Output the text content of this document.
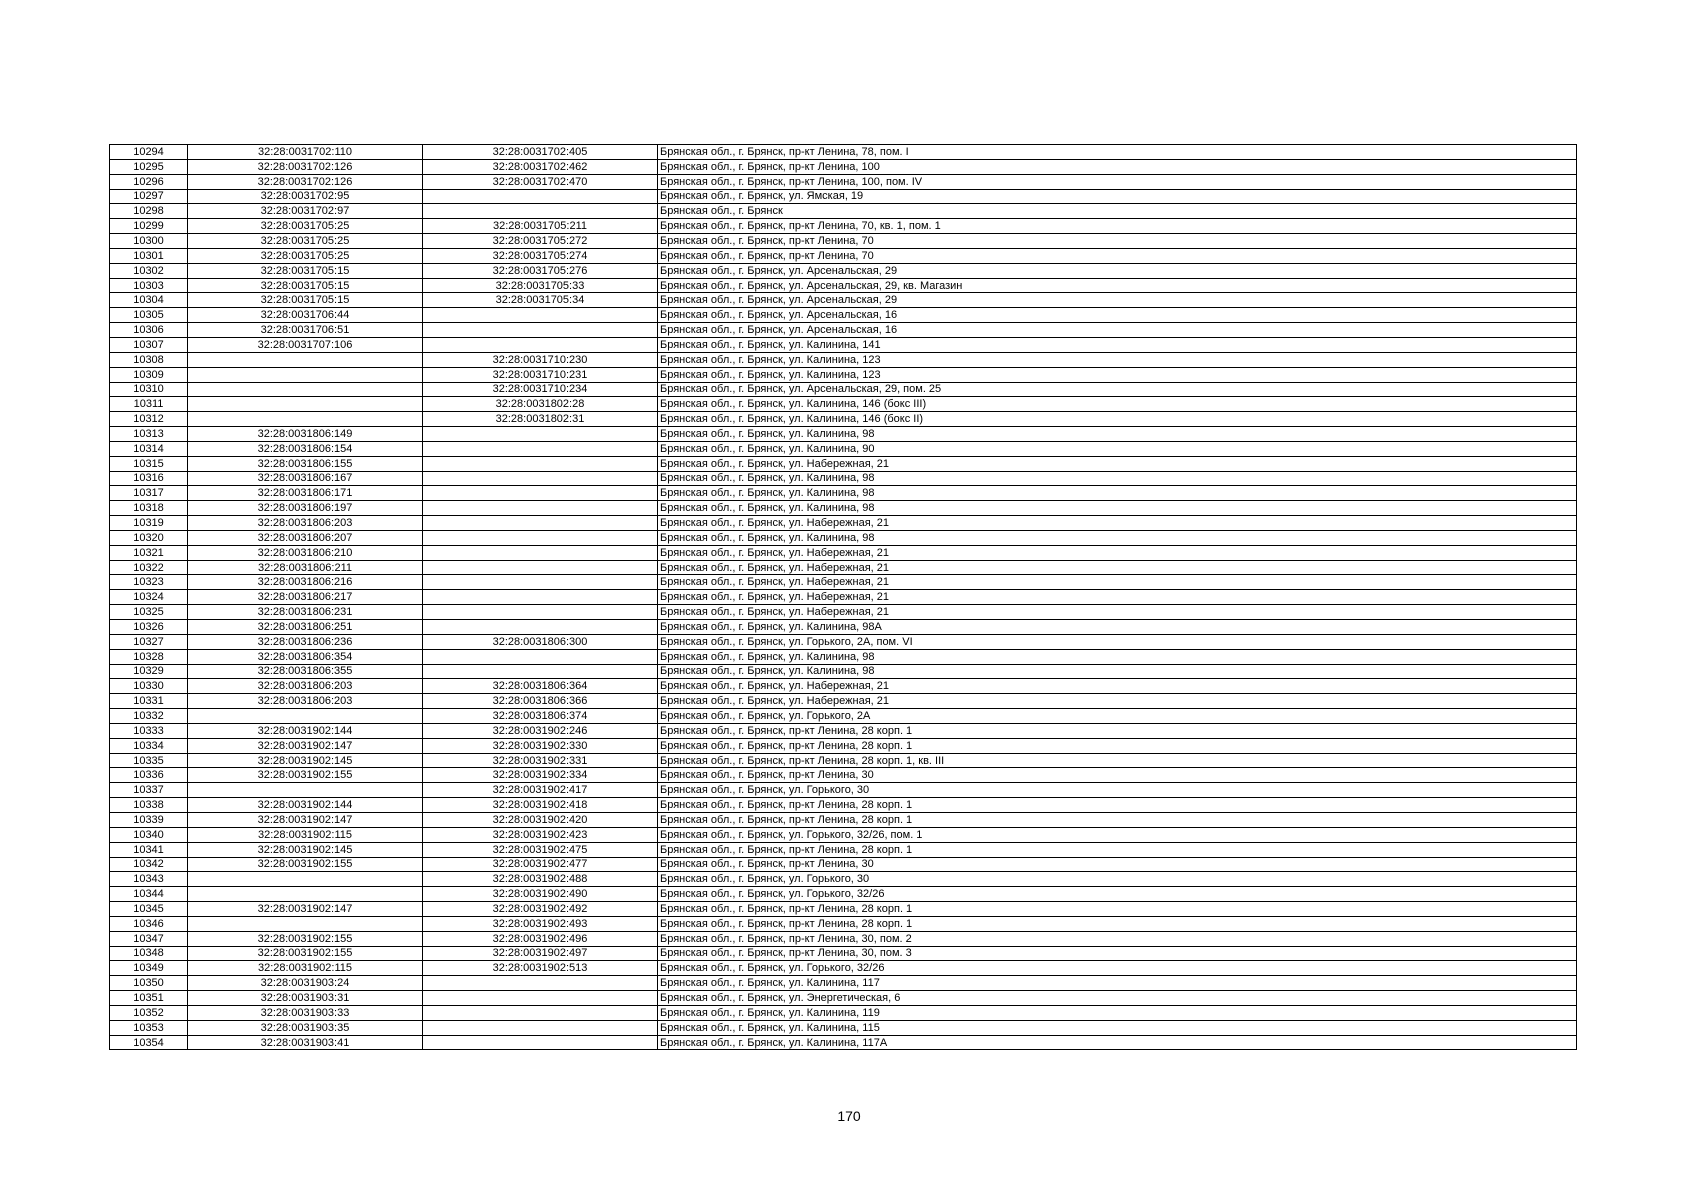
10294	32:28:0031702:110	32:28:0031702:405	Брянская обл., г. Брянск, пр-кт Ленина, 78, пом. I
10295	32:28:0031702:126	32:28:0031702:462	Брянская обл., г. Брянск, пр-кт Ленина, 100
10296	32:28:0031702:126	32:28:0031702:470	Брянская обл., г. Брянск, пр-кт Ленина, 100, пом. IV
10297	32:28:0031702:95		Брянская обл., г. Брянск, ул. Ямская, 19
10298	32:28:0031702:97		Брянская обл., г. Брянск
10299	32:28:0031705:25	32:28:0031705:211	Брянская обл., г. Брянск, пр-кт Ленина, 70, кв. 1, пом. 1
10300	32:28:0031705:25	32:28:0031705:272	Брянская обл., г. Брянск, пр-кт Ленина, 70
10301	32:28:0031705:25	32:28:0031705:274	Брянская обл., г. Брянск, пр-кт Ленина, 70
10302	32:28:0031705:15	32:28:0031705:276	Брянская обл., г. Брянск, ул. Арсенальская, 29
10303	32:28:0031705:15	32:28:0031705:33	Брянская обл., г. Брянск, ул. Арсенальская, 29, кв. Магазин
10304	32:28:0031705:15	32:28:0031705:34	Брянская обл., г. Брянск, ул. Арсенальская, 29
10305	32:28:0031706:44		Брянская обл., г. Брянск, ул. Арсенальская, 16
10306	32:28:0031706:51		Брянская обл., г. Брянск, ул. Арсенальская, 16
10307	32:28:0031707:106		Брянская обл., г. Брянск, ул. Калинина, 141
10308		32:28:0031710:230	Брянская обл., г. Брянск, ул. Калинина, 123
10309		32:28:0031710:231	Брянская обл., г. Брянск, ул. Калинина, 123
10310		32:28:0031710:234	Брянская обл., г. Брянск, ул. Арсенальская, 29, пом. 25
10311		32:28:0031802:28	Брянская обл., г. Брянск, ул. Калинина, 146 (бокс III)
10312		32:28:0031802:31	Брянская обл., г. Брянск, ул. Калинина, 146 (бокс II)
10313	32:28:0031806:149		Брянская обл., г. Брянск, ул. Калинина, 98
10314	32:28:0031806:154		Брянская обл., г. Брянск, ул. Калинина, 90
10315	32:28:0031806:155		Брянская обл., г. Брянск, ул. Набережная, 21
10316	32:28:0031806:167		Брянская обл., г. Брянск, ул. Калинина, 98
10317	32:28:0031806:171		Брянская обл., г. Брянск, ул. Калинина, 98
10318	32:28:0031806:197		Брянская обл., г. Брянск, ул. Калинина, 98
10319	32:28:0031806:203		Брянская обл., г. Брянск, ул. Набережная, 21
10320	32:28:0031806:207		Брянская обл., г. Брянск, ул. Калинина, 98
10321	32:28:0031806:210		Брянская обл., г. Брянск, ул. Набережная, 21
10322	32:28:0031806:211		Брянская обл., г. Брянск, ул. Набережная, 21
10323	32:28:0031806:216		Брянская обл., г. Брянск, ул. Набережная, 21
10324	32:28:0031806:217		Брянская обл., г. Брянск, ул. Набережная, 21
10325	32:28:0031806:231		Брянская обл., г. Брянск, ул. Набережная, 21
10326	32:28:0031806:251		Брянская обл., г. Брянск, ул. Калинина, 98А
10327	32:28:0031806:236	32:28:0031806:300	Брянская обл., г. Брянск, ул. Горького, 2А, пом. VI
10328	32:28:0031806:354		Брянская обл., г. Брянск, ул. Калинина, 98
10329	32:28:0031806:355		Брянская обл., г. Брянск, ул. Калинина, 98
10330	32:28:0031806:203	32:28:0031806:364	Брянская обл., г. Брянск, ул. Набережная, 21
10331	32:28:0031806:203	32:28:0031806:366	Брянская обл., г. Брянск, ул. Набережная, 21
10332		32:28:0031806:374	Брянская обл., г. Брянск, ул. Горького, 2А
10333	32:28:0031902:144	32:28:0031902:246	Брянская обл., г. Брянск, пр-кт Ленина, 28 корп. 1
10334	32:28:0031902:147	32:28:0031902:330	Брянская обл., г. Брянск, пр-кт Ленина, 28 корп. 1
10335	32:28:0031902:145	32:28:0031902:331	Брянская обл., г. Брянск, пр-кт Ленина, 28 корп. 1, кв. III
10336	32:28:0031902:155	32:28:0031902:334	Брянская обл., г. Брянск, пр-кт Ленина, 30
10337		32:28:0031902:417	Брянская обл., г. Брянск, ул. Горького, 30
10338	32:28:0031902:144	32:28:0031902:418	Брянская обл., г. Брянск, пр-кт Ленина, 28 корп. 1
10339	32:28:0031902:147	32:28:0031902:420	Брянская обл., г. Брянск, пр-кт Ленина, 28 корп. 1
10340	32:28:0031902:115	32:28:0031902:423	Брянская обл., г. Брянск, ул. Горького, 32/26, пом. 1
10341	32:28:0031902:145	32:28:0031902:475	Брянская обл., г. Брянск, пр-кт Ленина, 28 корп. 1
10342	32:28:0031902:155	32:28:0031902:477	Брянская обл., г. Брянск, пр-кт Ленина, 30
10343		32:28:0031902:488	Брянская обл., г. Брянск, ул. Горького, 30
10344		32:28:0031902:490	Брянская обл., г. Брянск, ул. Горького, 32/26
10345	32:28:0031902:147	32:28:0031902:492	Брянская обл., г. Брянск, пр-кт Ленина, 28 корп. 1
10346		32:28:0031902:493	Брянская обл., г. Брянск, пр-кт Ленина, 28 корп. 1
10347	32:28:0031902:155	32:28:0031902:496	Брянская обл., г. Брянск, пр-кт Ленина, 30, пом. 2
10348	32:28:0031902:155	32:28:0031902:497	Брянская обл., г. Брянск, пр-кт Ленина, 30, пом. 3
10349	32:28:0031902:115	32:28:0031902:513	Брянская обл., г. Брянск, ул. Горького, 32/26
10350	32:28:0031903:24		Брянская обл., г. Брянск, ул. Калинина, 117
10351	32:28:0031903:31		Брянская обл., г. Брянск, ул. Энергетическая, 6
10352	32:28:0031903:33		Брянская обл., г. Брянск, ул. Калинина, 119
10353	32:28:0031903:35		Брянская обл., г. Брянск, ул. Калинина, 115
10354	32:28:0031903:41		Брянская обл., г. Брянск, ул. Калинина, 117А
170
